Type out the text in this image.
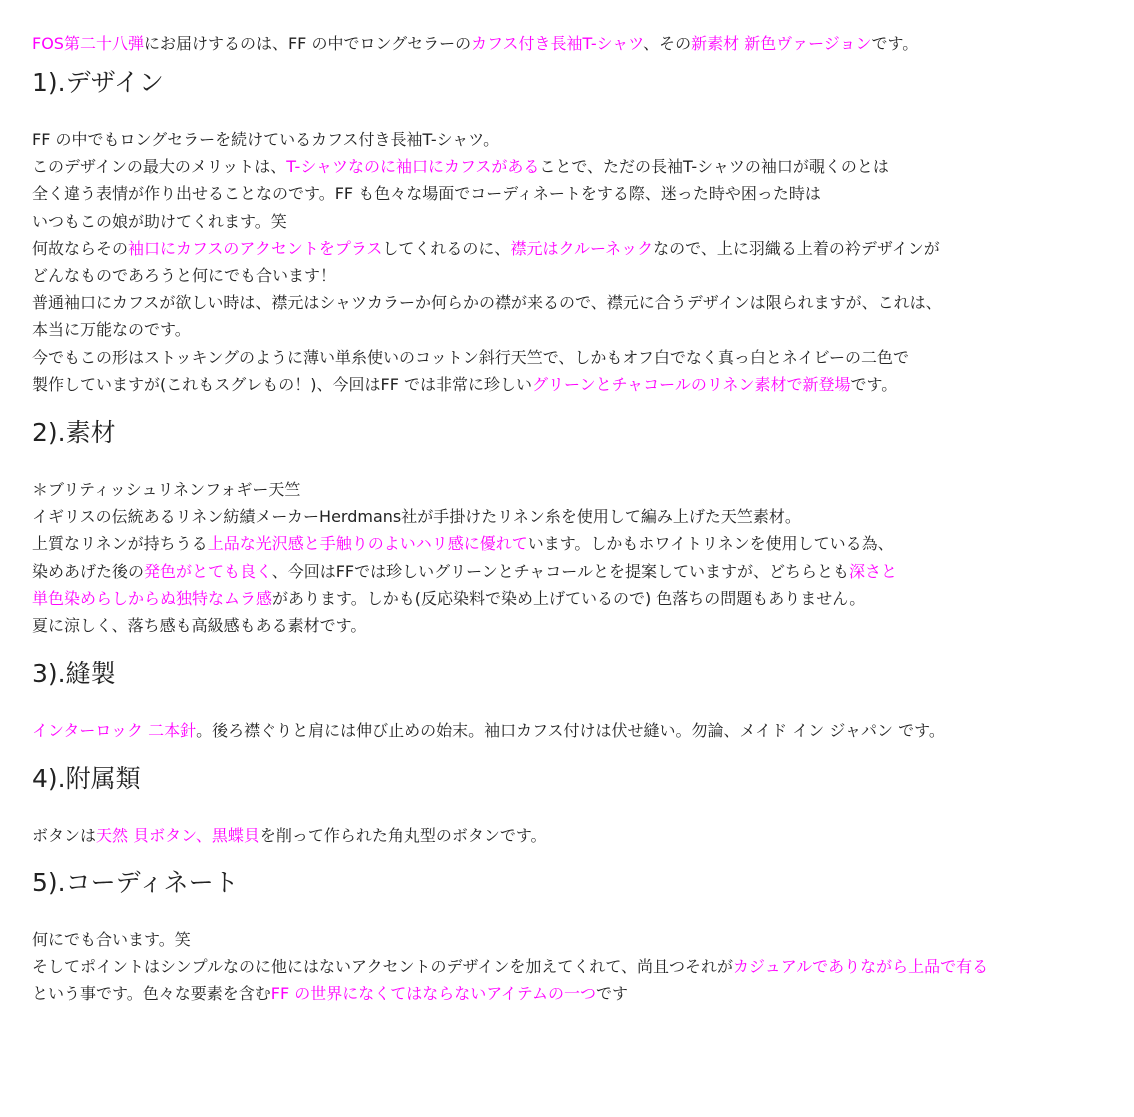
FOS第二十八弾にお届けするのは、FF の中でロングセラーのカフス付き長袖T-シャツ、その新素材 新色ヴァージョンです。

1).デザイン
FF の中でもロングセラーを続けているカフス付き長袖T-シャツ。
このデザインの最大のメリットは、T-シャツなのに袖口にカフスがあることで、ただの長袖T-シャツの袖口が覗くのとは
全く違う表情が作り出せることなのです。FF も色々な場面でコーディネートをする際、迷った時や困った時は
いつもこの娘が助けてくれます。笑
何故ならその袖口にカフスのアクセントをプラスしてくれるのに、襟元はクルーネックなので、上に羽織る上着の衿デザインが
どんなものであろうと何にでも合います！
普通袖口にカフスが欲しい時は、襟元はシャツカラーか何らかの襟が来るので、襟元に合うデザインは限られますが、これは、
本当に万能なのです。
今でもこの形はストッキングのように薄い単糸使いのコットン斜行天竺で、しかもオフ白でなく真っ白とネイビーの二色で
製作していますが(これもスグレもの！)、今回はFF では非常に珍しいグリーンとチャコールのリネン素材で新登場です。
2).素材
＊ブリティッシュリネンフォギー天竺
イギリスの伝統あるリネン紡績メーカーHerdmans社が手掛けたリネン糸を使用して編み上げた天竺素材。
上質なリネンが持ちうる上品な光沢感と手触りのよいハリ感に優れています。しかもホワイトリネンを使用している為、
染めあげた後の発色がとても良く、今回はFFでは珍しいグリーンとチャコールとを提案していますが、どちらとも深さと
単色染めらしからぬ独特なムラ感があります。しかも(反応染料で染め上げているので) 色落ちの問題もありません。
夏に涼しく、落ち感も高級感もある素材です。
3).縫製
インターロック 二本針。後ろ襟ぐりと肩には伸び止めの始末。袖口カフス付けは伏せ縫い。勿論、メイド イン ジャパン です。
4).附属類
ボタンは天然 貝ボタン、黒蝶貝を削って作られた角丸型のボタンです。
5).コーディネート
何にでも合います。笑
そしてポイントはシンプルなのに他にはないアクセントのデザインを加えてくれて、尚且つそれがカジュアルでありながら上品で有る
という事です。色々な要素を含むFF の世界になくてはならないアイテムの一つです
